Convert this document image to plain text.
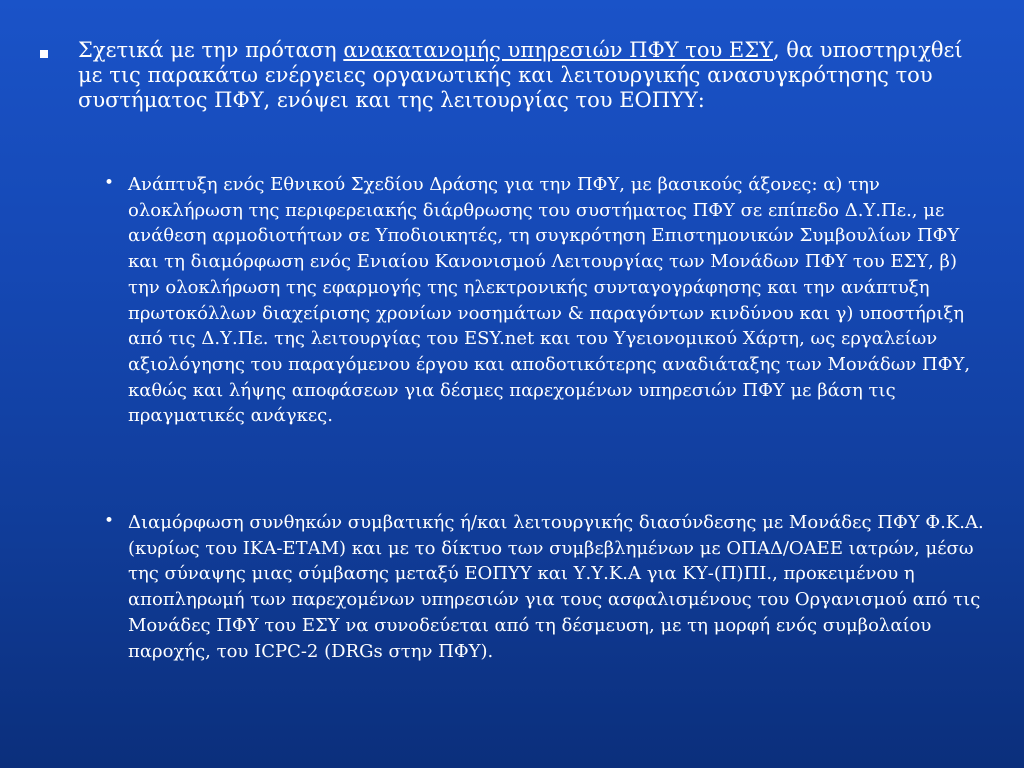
Σχετικά με την πρόταση ανακατανομής υπηρεσιών ΠΦΥ του ΕΣΥ, θα υποστηριχθεί με τις παρακάτω ενέργειες οργανωτικής και λειτουργικής ανασυγκρότησης του συστήματος ΠΦΥ, ενόψει και της λειτουργίας του ΕΟΠΥΥ:
• Ανάπτυξη ενός Εθνικού Σχεδίου Δράσης για την ΠΦΥ, με βασικούς άξονες: α) την ολοκλήρωση της περιφερειακής διάρθρωσης του συστήματος ΠΦΥ σε επίπεδο Δ.Υ.Πε., με ανάθεση αρμοδιοτήτων σε Υποδιοικητές, τη συγκρότηση Επιστημονικών Συμβουλίων ΠΦΥ και τη διαμόρφωση ενός Ενιαίου Κανονισμού Λειτουργίας των Μονάδων ΠΦΥ του ΕΣΥ, β) την ολοκλήρωση της εφαρμογής της ηλεκτρονικής συνταγογράφησης και την ανάπτυξη πρωτοκόλλων διαχείρισης χρονίων νοσημάτων & παραγόντων κινδύνου και γ) υποστήριξη από τις Δ.Υ.Πε. της λειτουργίας του ESY.net και του Υγειονομικού Χάρτη, ως εργαλείων αξιολόγησης του παραγόμενου έργου και αποδοτικότερης αναδιάταξης των Μονάδων ΠΦΥ, καθώς και λήψης αποφάσεων για δέσμες παρεχομένων υπηρεσιών ΠΦΥ με βάση τις πραγματικές ανάγκες.
• Διαμόρφωση συνθηκών συμβατικής ή/και λειτουργικής διασύνδεσης με Μονάδες ΠΦΥ Φ.Κ.Α. (κυρίως του ΙΚΑ-ΕΤΑΜ) και με το δίκτυο των συμβεβλημένων με ΟΠΑΔ/ΟΑΕΕ ιατρών, μέσω της σύναψης μιας σύμβασης μεταξύ ΕΟΠΥΥ και Υ.Υ.Κ.Α για ΚΥ-(Π)ΠΙ., προκειμένου η αποπληρωμή των παρεχομένων υπηρεσιών για τους ασφαλισμένους του Οργανισμού από τις Μονάδες ΠΦΥ του ΕΣΥ να συνοδεύεται από τη δέσμευση, με τη μορφή ενός συμβολαίου παροχής, του ICPC-2 (DRGs στην ΠΦΥ).
